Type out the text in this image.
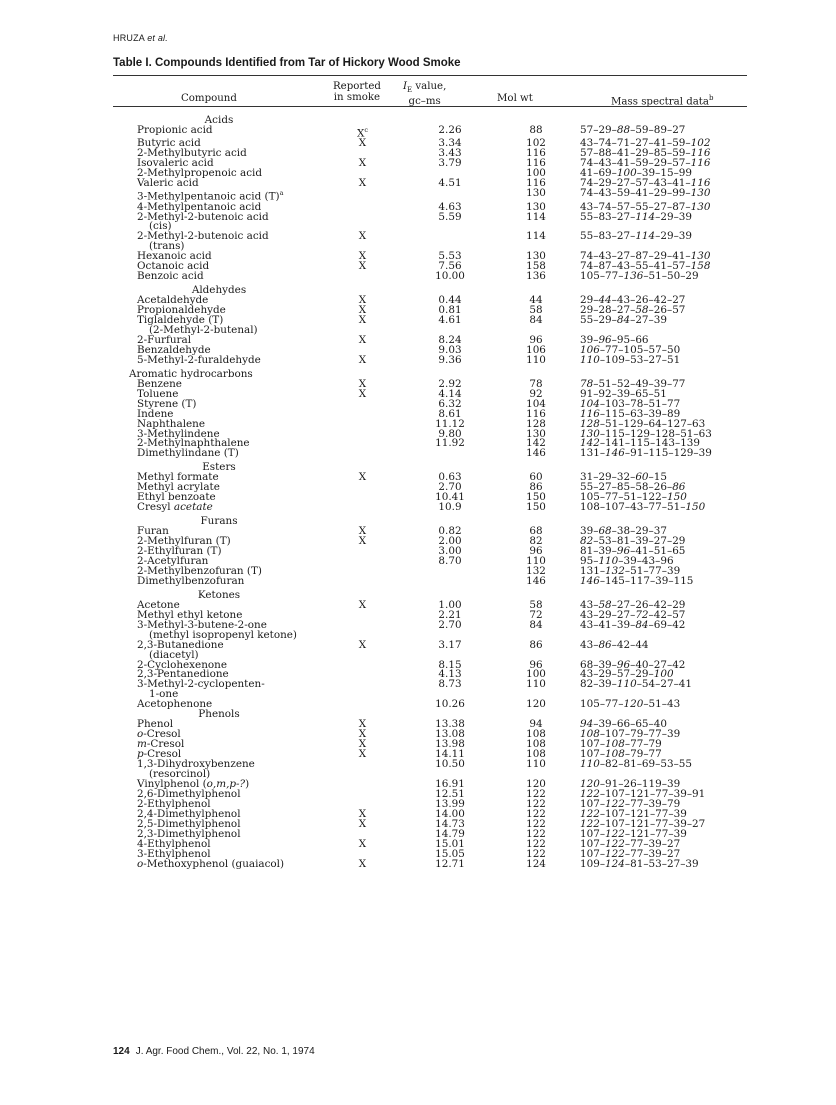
HRUZA et al.
Table I. Compounds Identified from Tar of Hickory Wood Smoke
Reported
in smoke
$I_E$ value,
gc–ms
Compound	Mol wt	Mass spectral data$^b$
Acids				
Propionic acid	$X^c$	2.26	88	57–29–88–59–89–27
Butyric acid	X	3.34	102	43–74–71–27–41–59–102
2-Methylbutyric acid		3.43	116	57–88–41–29–85–59–116
Isovaleric acid	X	3.79	116	74–43–41–59–29–57–116
2-Methylpropenoic acid			100	41–69–100–39–15–99
Valeric acid	X	4.51	116	74–29–27–57–43–41–116
3-Methylpentanoic acid $(T)^a$			130	74–43–59–41–29–99–130
4-Methylpentanoic acid		4.63	130	43–74–57–55–27–87–130
2-Methyl-2-butenoic acid		5.59	114	55–83–27–114–29–39
(cis)				
2-Methyl-2-butenoic acid	X		114	55–83–27–114–29–39
(trans)				
Hexanoic acid	X	5.53	130	74–43–27–87–29–41–130
Octanoic acid	X	7.56	158	74–87–43–55–41–57–158
Benzoic acid		10.00	136	105–77–136–51–50–29
Aldehydes				
Acetaldehyde	X	0.44	44	29–44–43–26–42–27
Propionaldehyde	X	0.81	58	29–28–27–58–26–57
Tiglaldehyde (T)	X	4.61	84	55–29–84–27–39
(2-Methyl-2-butenal)				
2-Furfural	X	8.24	96	39–96–95–66
Benzaldehyde		9.03	106	106–77–105–57–50
5-Methyl-2-furaldehyde	X	9.36	110	110–109–53–27–51
Aromatic hydrocarbons				
Benzene	X	2.92	78	78–51–52–49–39–77
Toluene	X	4.14	92	91–92–39–65–51
Styrene (T)		6.32	104	104–103–78–51–77
Indene		8.61	116	116–115–63–39–89
Naphthalene		11.12	128	128–51–129–64–127–63
3-Methylindene		9.80	130	130–115–129–128–51–63
2-Methylnaphthalene		11.92	142	142–141–115–143–139
Dimethylindane (T)			146	131–146–91–115–129–39
Esters				
Methyl formate	X	0.63	60	31–29–32–60–15
Methyl acrylate		2.70	86	55–27–85–58–26–86
Ethyl benzoate		10.41	150	105–77–51–122–150
Cresyl acetate		10.9	150	108–107–43–77–51–150
Furans				
Furan	X	0.82	68	39–68–38–29–37
2-Methylfuran (T)	X	2.00	82	82–53–81–39–27–29
2-Ethylfuran (T)		3.00	96	81–39–96–41–51–65
2-Acetylfuran		8.70	110	95–110–39–43–96
2-Methylbenzofuran (T)			132	131–132–51–77–39
Dimethylbenzofuran			146	146–145–117–39–115
Ketones				
Acetone	X	1.00	58	43–58–27–26–42–29
Methyl ethyl ketone		2.21	72	43–29–27–72–42–57
3-Methyl-3-butene-2-one		2.70	84	43–41–39–84–69–42
(methyl isopropenyl ketone)				
2,3-Butanedione	X	3.17	86	43–86–42–44
(diacetyl)				
2-Cyclohexenone		8.15	96	68–39–96–40–27–42
2,3-Pentanedione		4.13	100	43–29–57–29–100
3-Methyl-2-cyclopenten-		8.73	110	82–39–110–54–27–41
1-one				
Acetophenone		10.26	120	105–77–120–51–43
Phenols				
Phenol	X	13.38	94	94–39–66–65–40
o-Cresol	X	13.08	108	108–107–79–77–39
m-Cresol	X	13.98	108	107–108–77–79
p-Cresol	X	14.11	108	107–108–79–77
1,3-Dihydroxybenzene		10.50	110	110–82–81–69–53–55
(resorcinol)				
Vinylphenol (o,m,p-?)		16.91	120	120–91–26–119–39
2,6-Dimethylphenol		12.51	122	122–107–121–77–39–91
2-Ethylphenol		13.99	122	107–122–77–39–79
2,4-Dimethylphenol	X	14.00	122	122–107–121–77–39
2,5-Dimethylphenol	X	14.73	122	122–107–121–77–39–27
2,3-Dimethylphenol		14.79	122	107–122–121–77–39
4-Ethylphenol	X	15.01	122	107–122–77–39–27
3-Ethylphenol		15.05	122	107–122–77–39–27
o-Methoxyphenol (guaiacol)	X	12.71	124	109–124–81–53–27–39
124 J. Agr. Food Chem., Vol. 22, No. 1, 1974
